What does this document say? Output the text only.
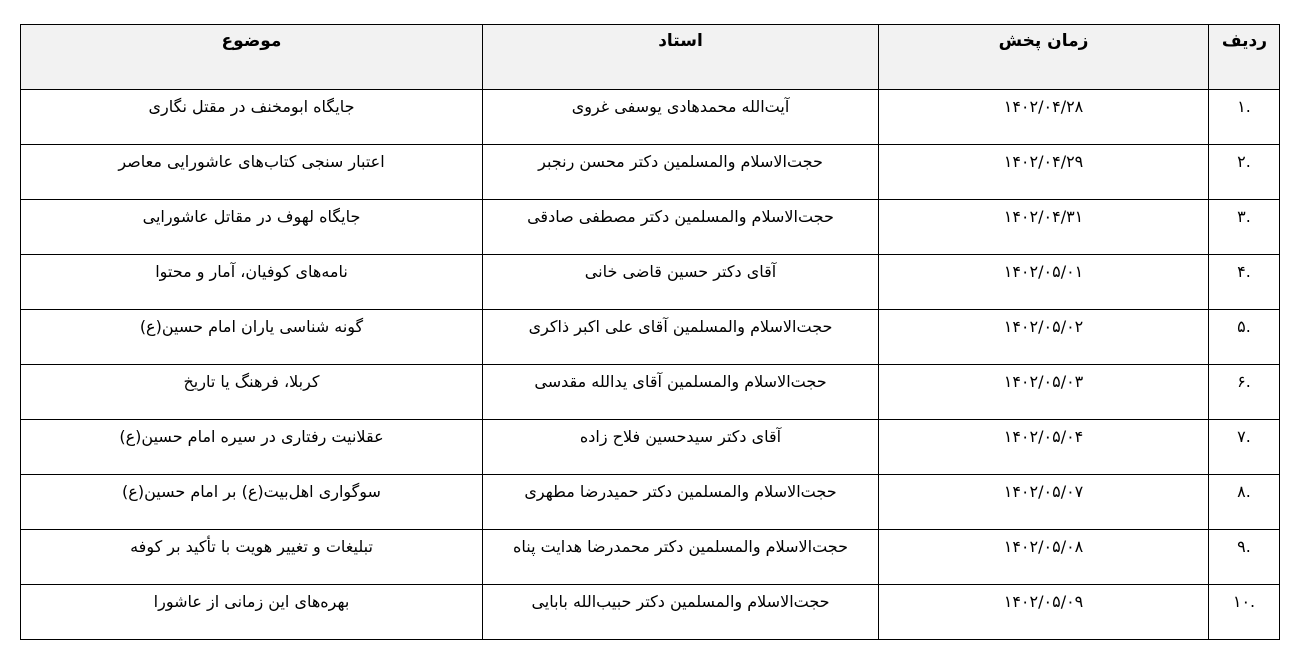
ردیف	زمان پخش	استاد	موضوع
.۱	۱۴۰۲/۰۴/۲۸	آیت‌الله محمدهادی یوسفی غروی	جایگاه ابومخنف در مقتل نگاری
.۲	۱۴۰۲/۰۴/۲۹	حجت‌الاسلام والمسلمین دکتر محسن رنجبر	اعتبار سنجی کتاب‌های عاشورایی معاصر
.۳	۱۴۰۲/۰۴/۳۱	حجت‌الاسلام والمسلمین دکتر مصطفی صادقی	جایگاه لهوف در مقاتل عاشورایی
.۴	۱۴۰۲/۰۵/۰۱	آقای دکتر حسین قاضی خانی	نامه‌های کوفیان، آمار و محتوا
.۵	۱۴۰۲/۰۵/۰۲	حجت‌الاسلام والمسلمین آقای علی اکبر ذاکری	گونه شناسی یاران امام حسین(ع)
.۶	۱۴۰۲/۰۵/۰۳	حجت‌الاسلام والمسلمین آقای یدالله مقدسی	کربلا، فرهنگ یا تاریخ
.۷	۱۴۰۲/۰۵/۰۴	آقای دکتر سیدحسین فلاح زاده	عقلانیت رفتاری در سیره امام حسین(ع)
.۸	۱۴۰۲/۰۵/۰۷	حجت‌الاسلام والمسلمین دکتر حمیدرضا مطهری	سوگواری اهل‌بیت(ع) بر امام حسین(ع)
.۹	۱۴۰۲/۰۵/۰۸	حجت‌الاسلام والمسلمین دکتر محمدرضا هدایت پناه	تبلیغات و تغییر هویت با تأکید بر کوفه
.۱۰	۱۴۰۲/۰۵/۰۹	حجت‌الاسلام والمسلمین دکتر حبیب‌الله بابایی	بهره‌های این زمانی از عاشورا
